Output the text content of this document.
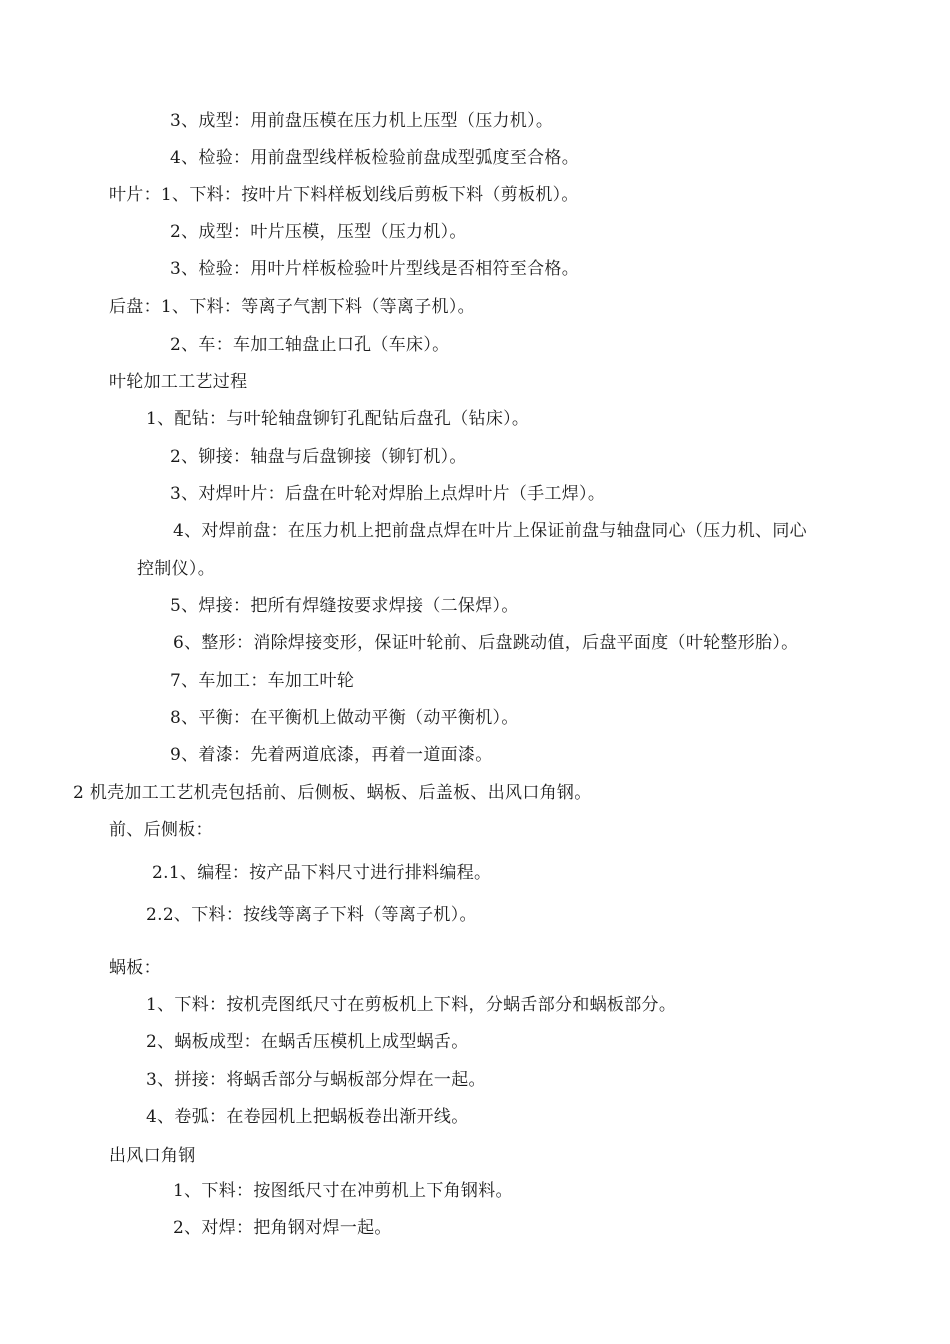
3、成型：用前盘压模在压力机上压型（压力机）。

4、检验：用前盘型线样板检验前盘成型弧度至合格。

叶片：1、下料：按叶片下料样板划线后剪板下料（剪板机）。

2、成型：叶片压模，压型（压力机）。

3、检验：用叶片样板检验叶片型线是否相符至合格。

后盘：1、下料：等离子气割下料（等离子机）。

2、车：车加工轴盘止口孔（车床）。

叶轮加工工艺过程

1、配钻：与叶轮轴盘铆钉孔配钻后盘孔（钻床）。

2、铆接：轴盘与后盘铆接（铆钉机）。

3、对焊叶片：后盘在叶轮对焊胎上点焊叶片（手工焊）。

4、对焊前盘：在压力机上把前盘点焊在叶片上保证前盘与轴盘同心（压力机、同心

控制仪）。

5、焊接：把所有焊缝按要求焊接（二保焊）。

6、整形：消除焊接变形，保证叶轮前、后盘跳动值，后盘平面度（叶轮整形胎）。

7、车加工：车加工叶轮

8、平衡：在平衡机上做动平衡（动平衡机）。

9、着漆：先着两道底漆，再着一道面漆。

2 机壳加工工艺机壳包括前、后侧板、蜗板、后盖板、出风口角钢。

前、后侧板：

2.1、编程：按产品下料尺寸进行排料编程。

2.2、下料：按线等离子下料（等离子机）。

蜗板：

1、下料：按机壳图纸尺寸在剪板机上下料，分蜗舌部分和蜗板部分。

2、蜗板成型：在蜗舌压模机上成型蜗舌。

3、拼接：将蜗舌部分与蜗板部分焊在一起。

4、卷弧：在卷园机上把蜗板卷出渐开线。

出风口角钢

1、下料：按图纸尺寸在冲剪机上下角钢料。

2、对焊：把角钢对焊一起。
